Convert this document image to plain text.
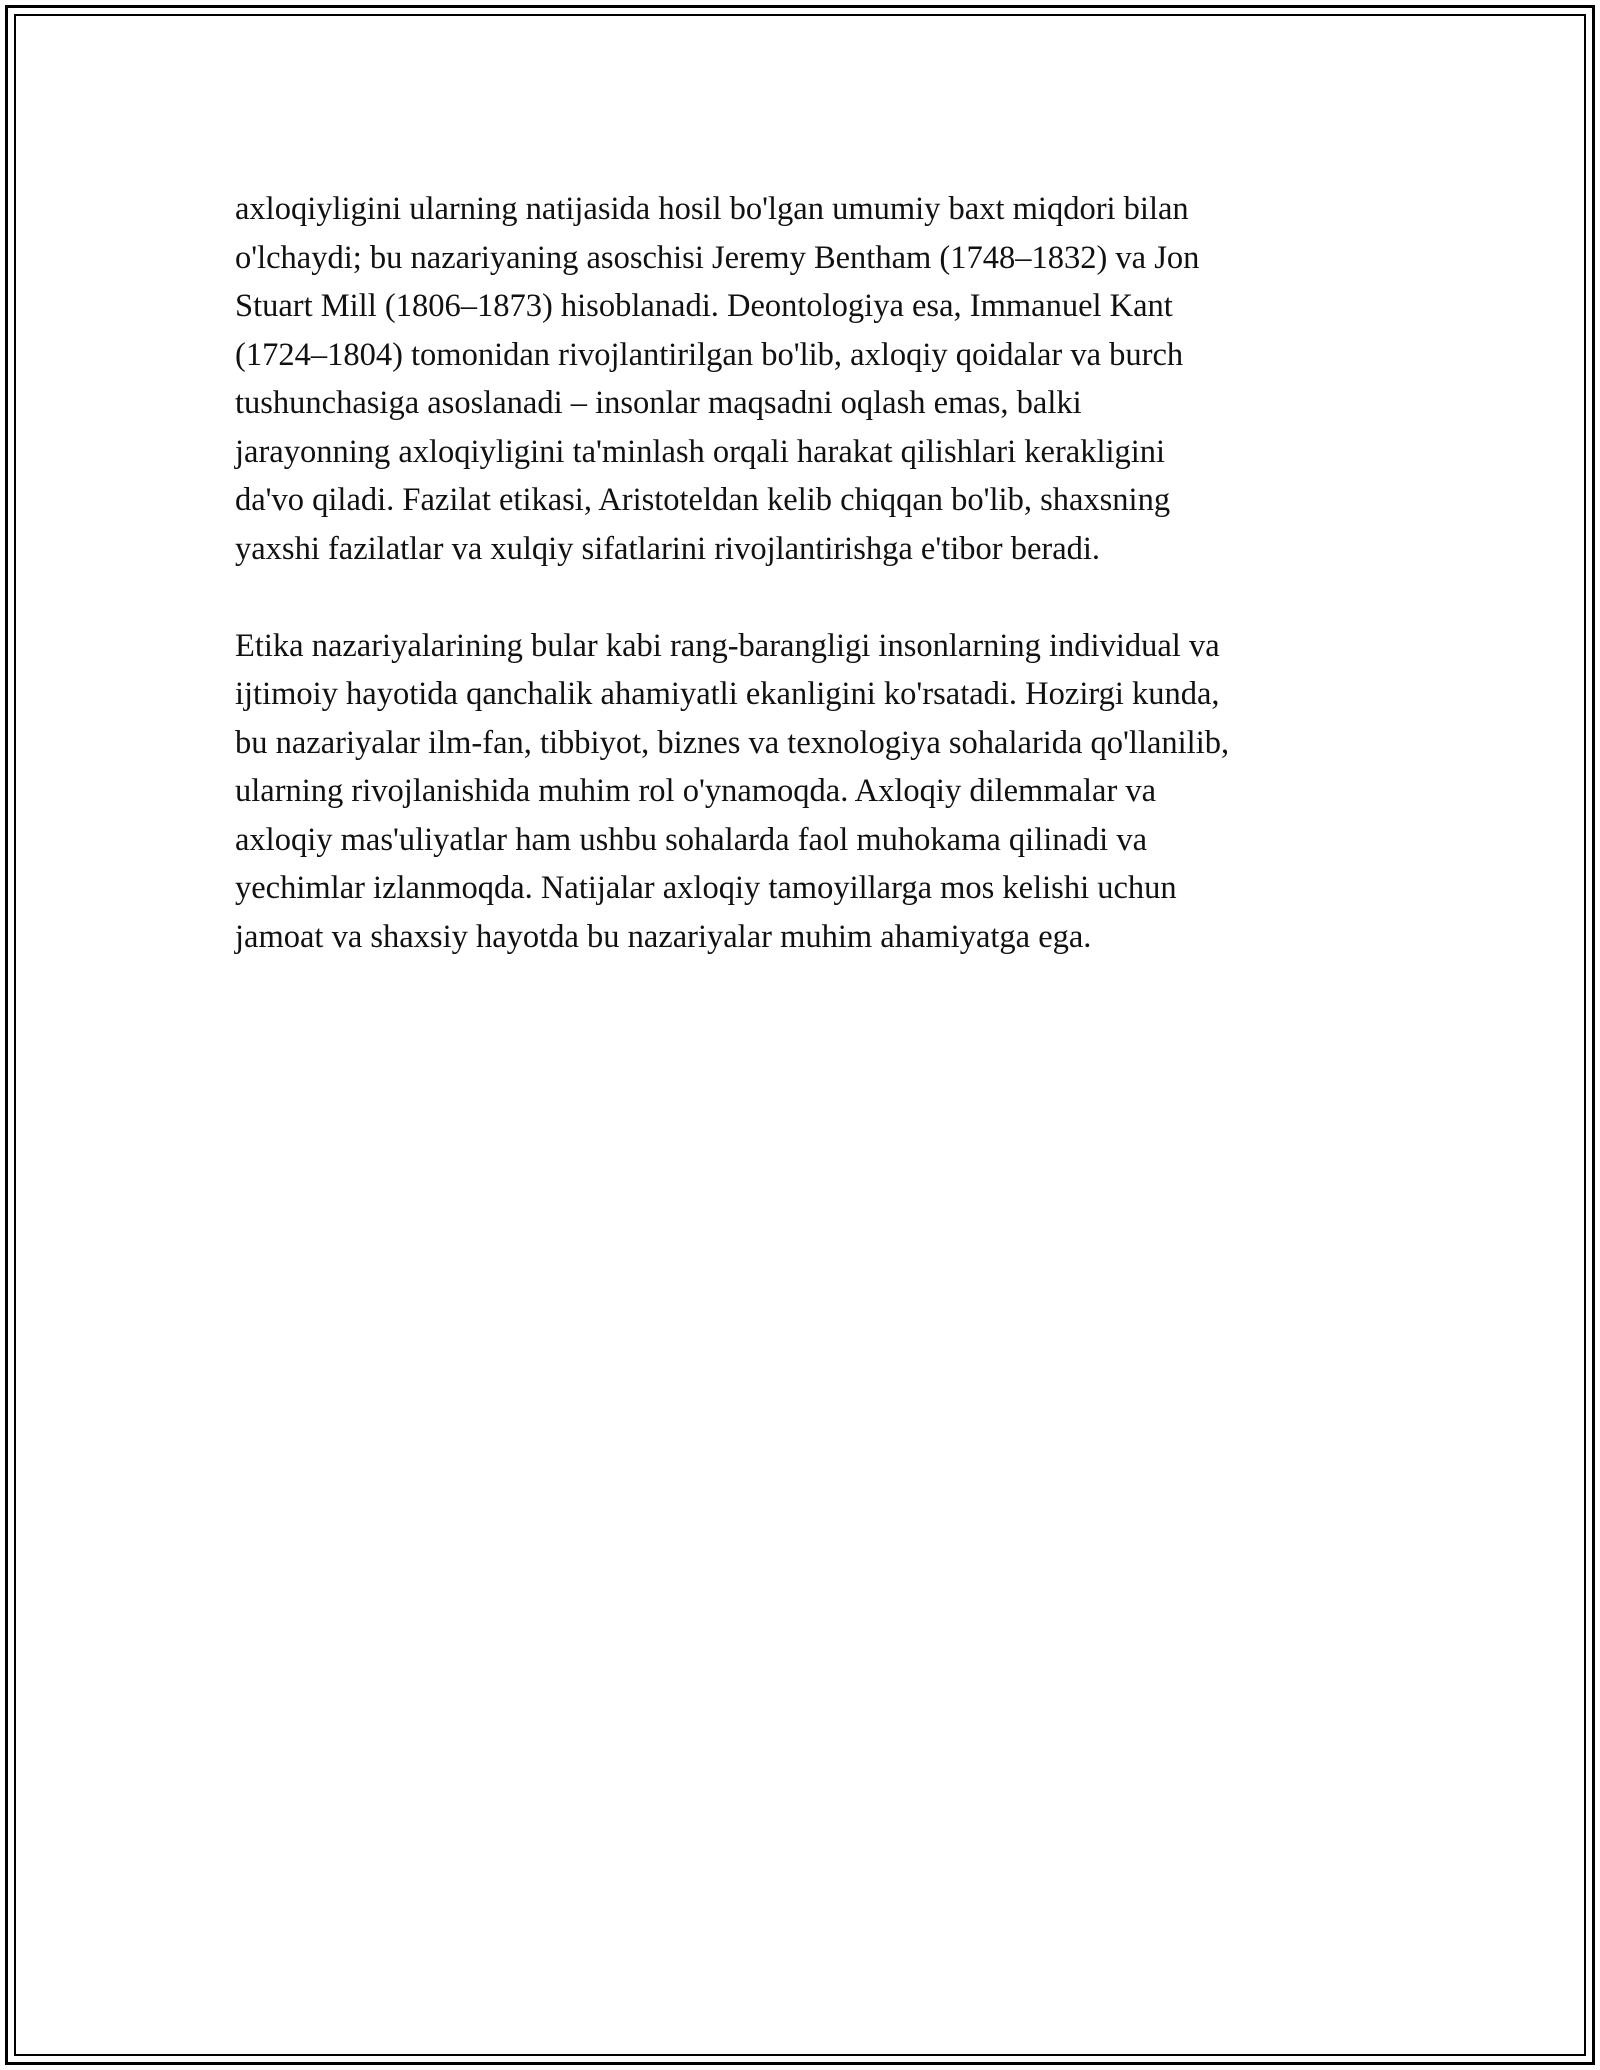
axloqiyligini ularning natijasida hosil bo'lgan umumiy baxt miqdori bilan
o'lchaydi; bu nazariyaning asoschisi Jeremy Bentham (1748–1832) va Jon
Stuart Mill (1806–1873) hisoblanadi. Deontologiya esa, Immanuel Kant
(1724–1804) tomonidan rivojlantirilgan bo'lib, axloqiy qoidalar va burch
tushunchasiga asoslanadi – insonlar maqsadni oqlash emas, balki
jarayonning axloqiyligini ta'minlash orqali harakat qilishlari kerakligini
da'vo qiladi. Fazilat etikasi, Aristoteldan kelib chiqqan bo'lib, shaxsning
yaxshi fazilatlar va xulqiy sifatlarini rivojlantirishga e'tibor beradi.

Etika nazariyalarining bular kabi rang-barangligi insonlarning individual va
ijtimoiy hayotida qanchalik ahamiyatli ekanligini ko'rsatadi. Hozirgi kunda,
bu nazariyalar ilm-fan, tibbiyot, biznes va texnologiya sohalarida qo'llanilib,
ularning rivojlanishida muhim rol o'ynamoqda. Axloqiy dilemmalar va
axloqiy mas'uliyatlar ham ushbu sohalarda faol muhokama qilinadi va
yechimlar izlanmoqda. Natijalar axloqiy tamoyillarga mos kelishi uchun
jamoat va shaxsiy hayotda bu nazariyalar muhim ahamiyatga ega.
